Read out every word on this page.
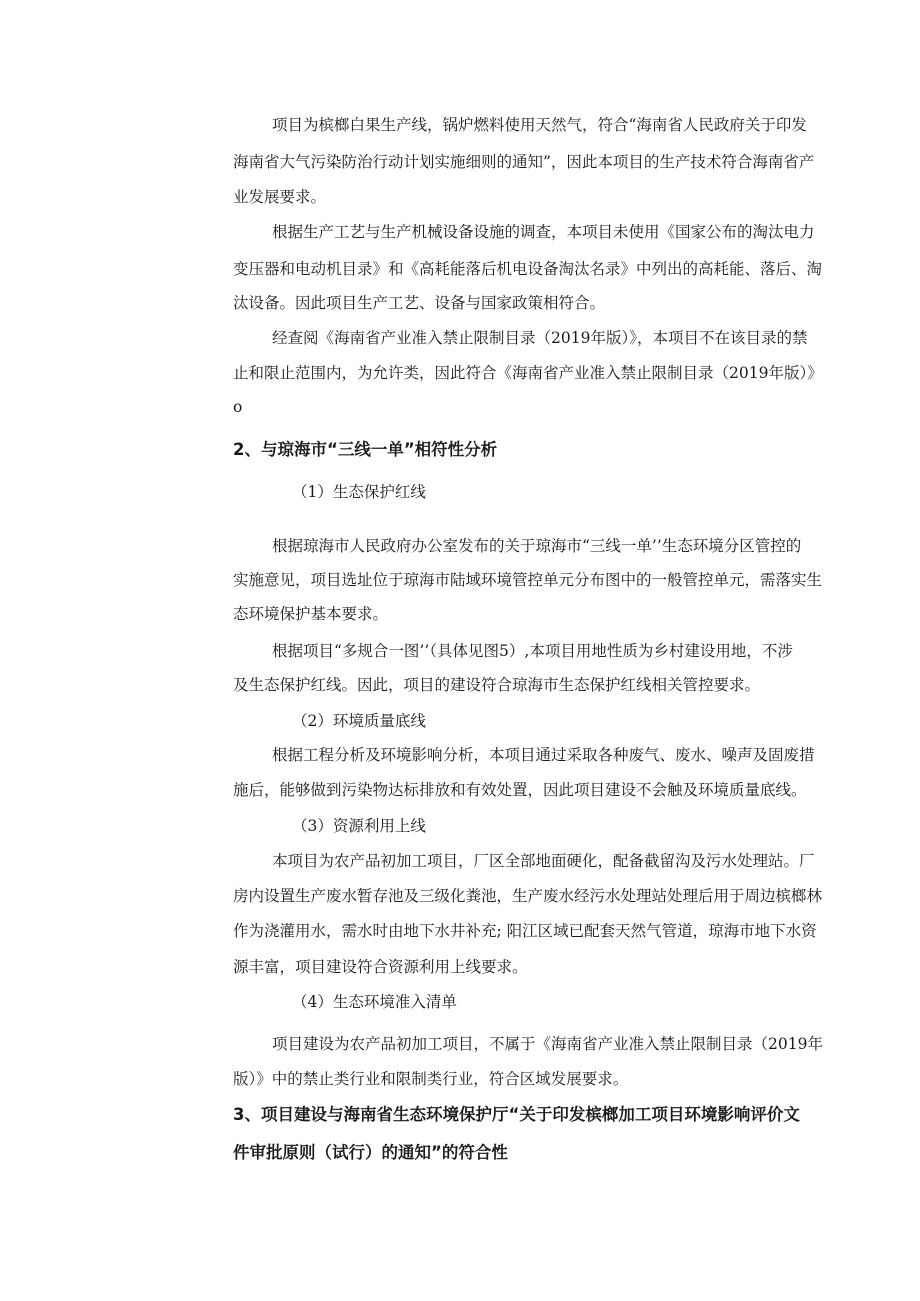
项目为槟榔白果生产线，锅炉燃料使用天然气，符合“海南省人民政府关于印发
海南省大气污染防治行动计划实施细则的通知”，因此本项目的生产技术符合海南省产
业发展要求。
根据生产工艺与生产机械设备设施的调查，本项目未使用《国家公布的淘汰电力
变压器和电动机目录》和《高耗能落后机电设备淘汰名录》中列出的高耗能、落后、淘
汰设备。因此项目生产工艺、设备与国家政策相符合。
经查阅《海南省产业准入禁止限制目录（2019年版）》，本项目不在该目录的禁
止和限止范围内，为允许类，因此符合《海南省产业准入禁止限制目录（2019年版）》
o
2、与琼海市“三线一单”相符性分析
（1）生态保护红线
根据琼海市人民政府办公室发布的关于琼海市“三线一单’’生态环境分区管控的
实施意见，项目选址位于琼海市陆域环境管控单元分布图中的一般管控单元，需落实生
态环境保护基本要求。
根据项目“多规合一图’’（具体见图5）,本项目用地性质为乡村建设用地，不涉
及生态保护红线。因此，项目的建设符合琼海市生态保护红线相关管控要求。
（2）环境质量底线
根据工程分析及环境影响分析，本项目通过采取各种废气、废水、噪声及固废措
施后，能够做到污染物达标排放和有效处置，因此项目建设不会触及环境质量底线。
（3）资源利用上线
本项目为农产品初加工项目，厂区全部地面硬化，配备截留沟及污水处理站。厂
房内设置生产废水暂存池及三级化粪池，生产废水经污水处理站处理后用于周边槟榔林
作为浇灌用水，需水时由地下水井补充; 阳江区域已配套天然气管道，琼海市地下水资
源丰富，项目建设符合资源利用上线要求。
（4）生态环境准入清单
项目建设为农产品初加工项目，不属于《海南省产业准入禁止限制目录（2019年
版）》中的禁止类行业和限制类行业，符合区域发展要求。
3、项目建设与海南省生态环境保护厅“关于印发槟榔加工项目环境影响评价文
件审批原则（试行）的通知”的符合性
